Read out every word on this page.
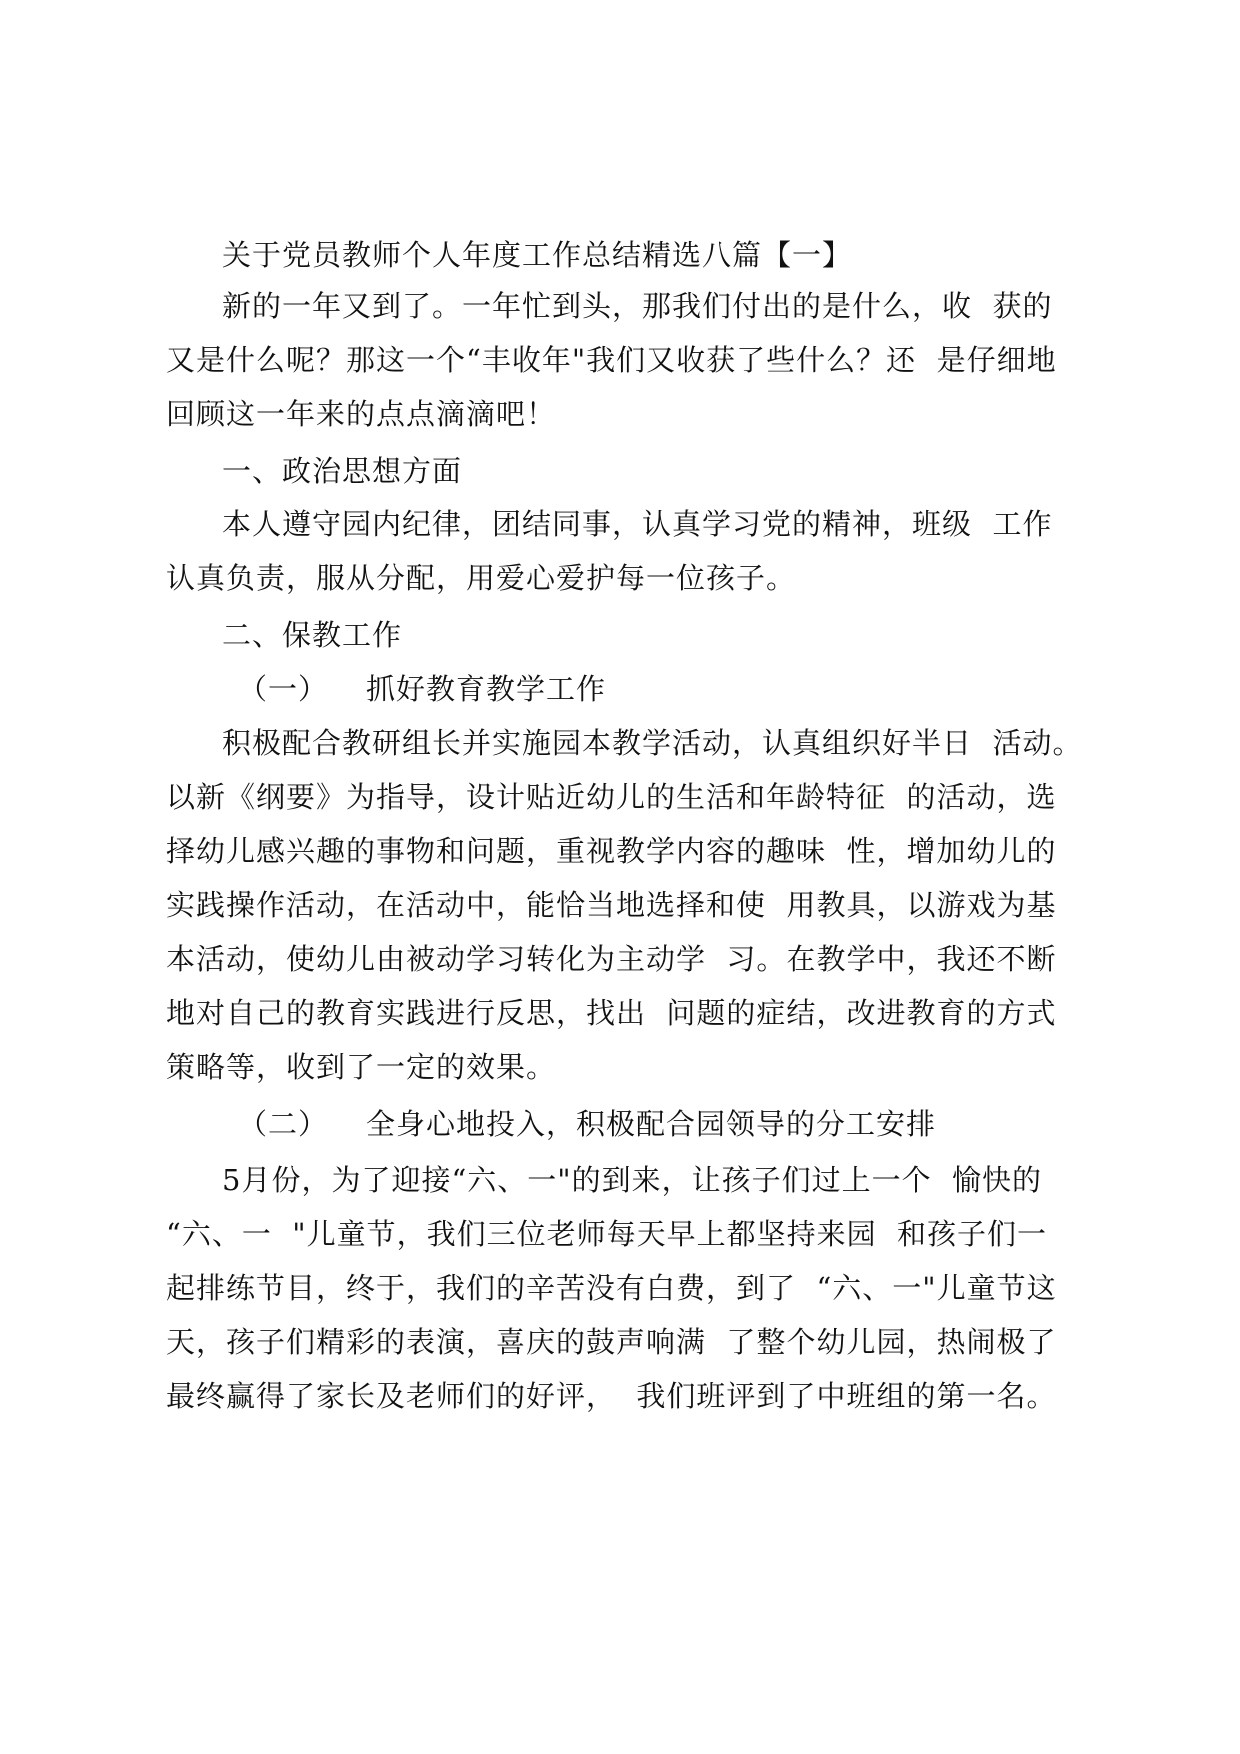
关于党员教师个人年度工作总结精选八篇【一】
新的一年又到了。一年忙到头，那我们付出的是什么，收  获的
又是什么呢？那这一个“丰收年"我们又收获了些什么？还  是仔细地
回顾这一年来的点点滴滴吧！
一、政治思想方面
本人遵守园内纪律，团结同事，认真学习党的精神，班级  工作
认真负责，服从分配，用爱心爱护每一位孩子。
二、保教工作
（一） 抓好教育教学工作
积极配合教研组长并实施园本教学活动，认真组织好半日  活动。
以新《纲要》为指导，设计贴近幼儿的生活和年龄特征  的活动，选
择幼儿感兴趣的事物和问题，重视教学内容的趣味  性，增加幼儿的
实践操作活动，在活动中，能恰当地选择和使  用教具，以游戏为基
本活动，使幼儿由被动学习转化为主动学  习。在教学中，我还不断
地对自己的教育实践进行反思，找出  问题的症结，改进教育的方式
策略等，收到了一定的效果。
（二） 全身心地投入，积极配合园领导的分工安排
5月份，为了迎接“六、一"的到来，让孩子们过上一个  愉快的
“六、一  "儿童节，我们三位老师每天早上都坚持来园  和孩子们一
起排练节目，终于，我们的辛苦没有白费，到了  “六、一"儿童节这
天，孩子们精彩的表演，喜庆的鼓声响满  了整个幼儿园，热闹极了
最终赢得了家长及老师们的好评，  我们班评到了中班组的第一名。
